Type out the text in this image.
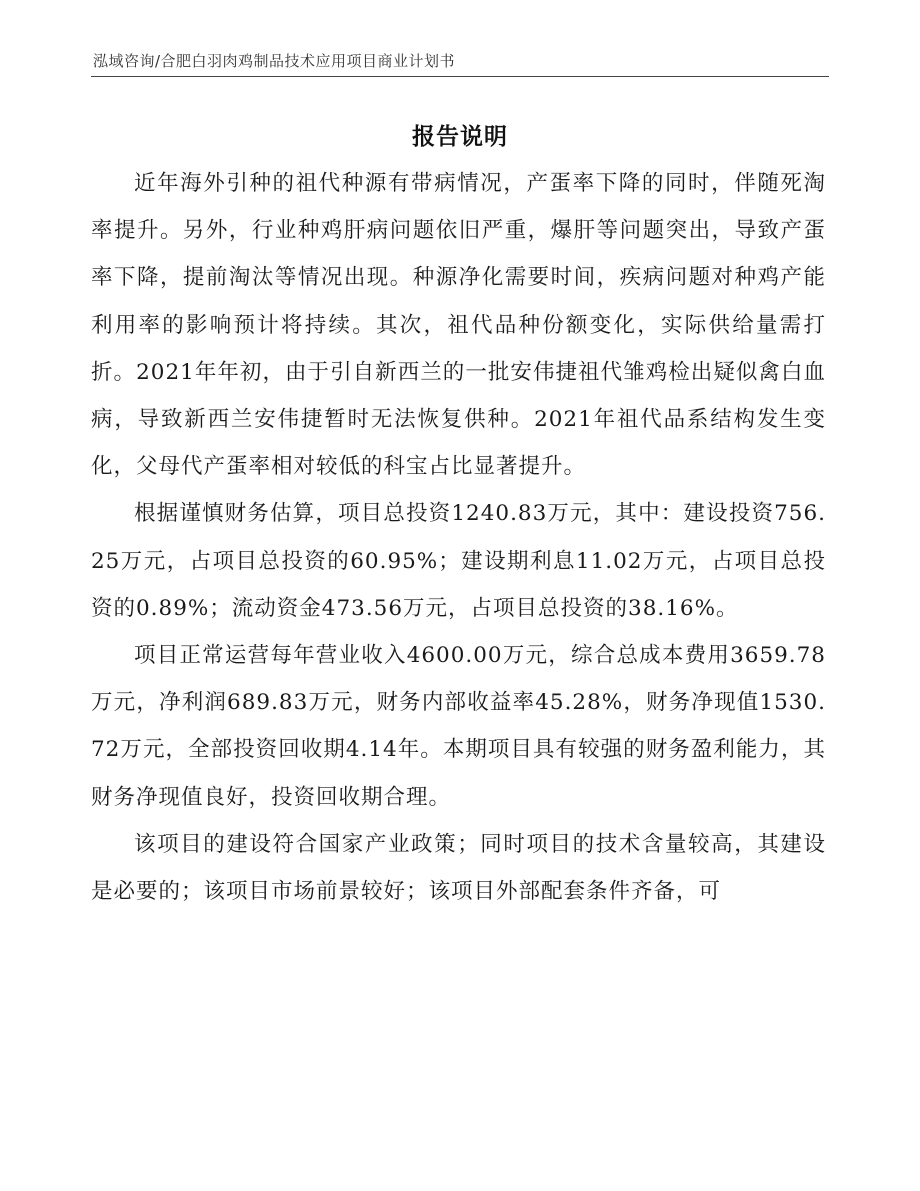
泓域咨询/合肥白羽肉鸡制品技术应用项目商业计划书
报告说明

近年海外引种的祖代种源有带病情况，产蛋率下降的同时，伴随死淘率提升。另外，行业种鸡肝病问题依旧严重，爆肝等问题突出，导致产蛋率下降，提前淘汰等情况出现。种源净化需要时间，疾病问题对种鸡产能利用率的影响预计将持续。其次，祖代品种份额变化，实际供给量需打折。2021年年初，由于引自新西兰的一批安伟捷祖代雏鸡检出疑似禽白血病，导致新西兰安伟捷暂时无法恢复供种。2021年祖代品系结构发生变化，父母代产蛋率相对较低的科宝占比显著提升。

根据谨慎财务估算，项目总投资1240.83万元，其中：建设投资756.25万元，占项目总投资的60.95%；建设期利息11.02万元，占项目总投资的0.89%；流动资金473.56万元，占项目总投资的38.16%。

项目正常运营每年营业收入4600.00万元，综合总成本费用3659.78万元，净利润689.83万元，财务内部收益率45.28%，财务净现值1530.72万元，全部投资回收期4.14年。本期项目具有较强的财务盈利能力，其财务净现值良好，投资回收期合理。

该项目的建设符合国家产业政策；同时项目的技术含量较高，其建设是必要的；该项目市场前景较好；该项目外部配套条件齐备，可
